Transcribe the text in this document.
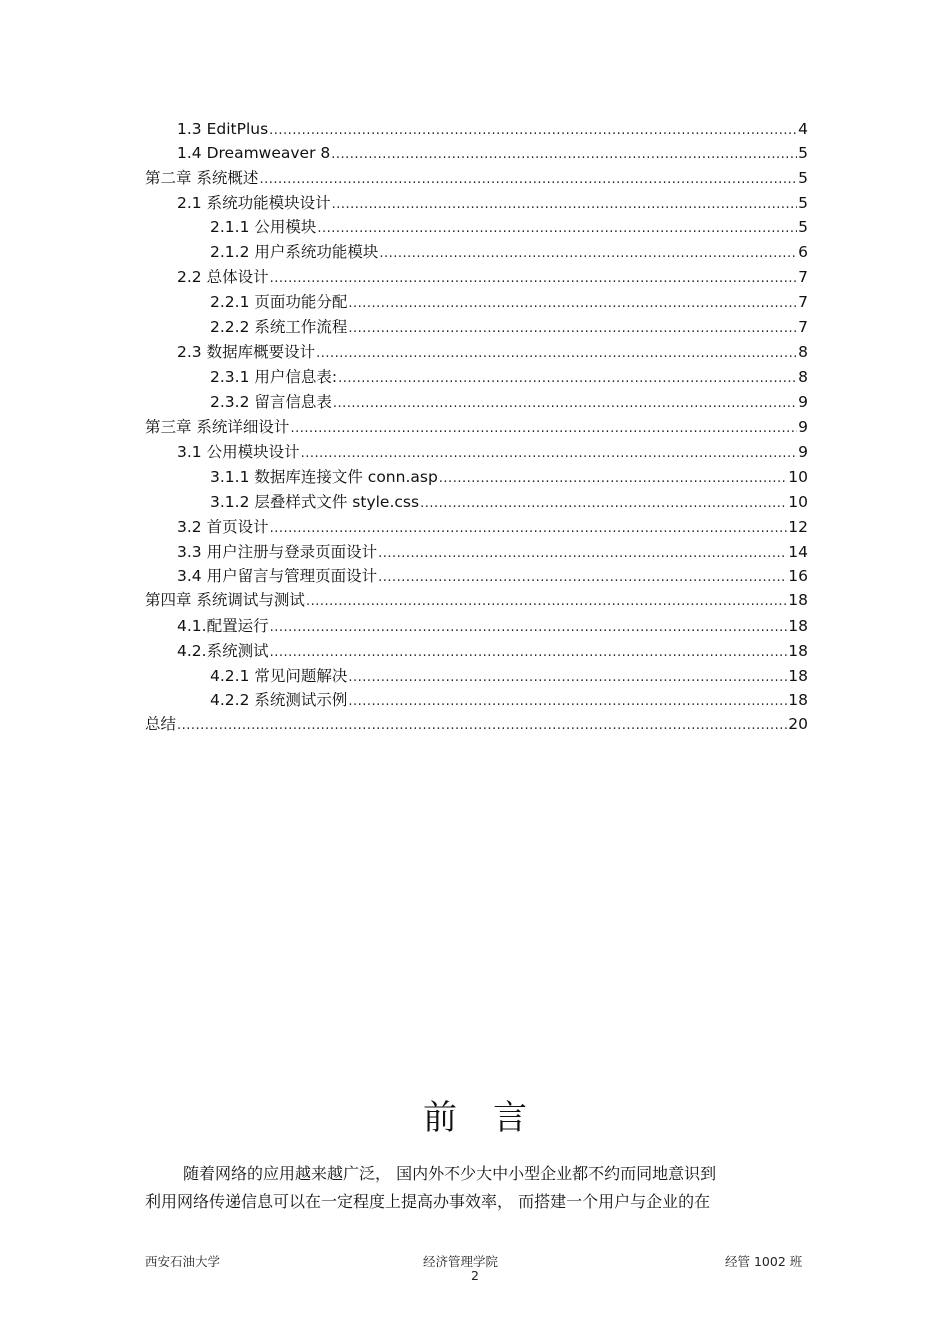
1.3 EditPlus .....	4
1.4 Dreamweaver 8 .....	5
第二章 系统概述 .....	5
2.1 系统功能模块设计 .....	5
2.1.1 公用模块 .....	5
2.1.2 用户系统功能模块 .....	6
2.2 总体设计 .....	7
2.2.1 页面功能分配 .....	7
2.2.2 系统工作流程 .....	7
2.3 数据库概要设计 .....	8
2.3.1 用户信息表: .....	8
2.3.2 留言信息表 .....	9
第三章 系统详细设计 .....	9
3.1 公用模块设计 .....	9
3.1.1 数据库连接文件 conn.asp .....	10
3.1.2 层叠样式文件 style.css .....	10
3.2 首页设计 .....	12
3.3 用户注册与登录页面设计 .....	14
3.4 用户留言与管理页面设计 .....	16
第四章 系统调试与测试 .....	18
4.1.配置运行 .....	18
4.2.系统测试 .....	18
4.2.1 常见问题解决 .....	18
4.2.2 系统测试示例 .....	18
总结 .....	20
前言
随着网络的应用越来越广泛， 国内外不少大中小型企业都不约而同地意识到
利用网络传递信息可以在一定程度上提高办事效率， 而搭建一个用户与企业的在
西安石油大学	经济管理学院	经管 1002 班
2
